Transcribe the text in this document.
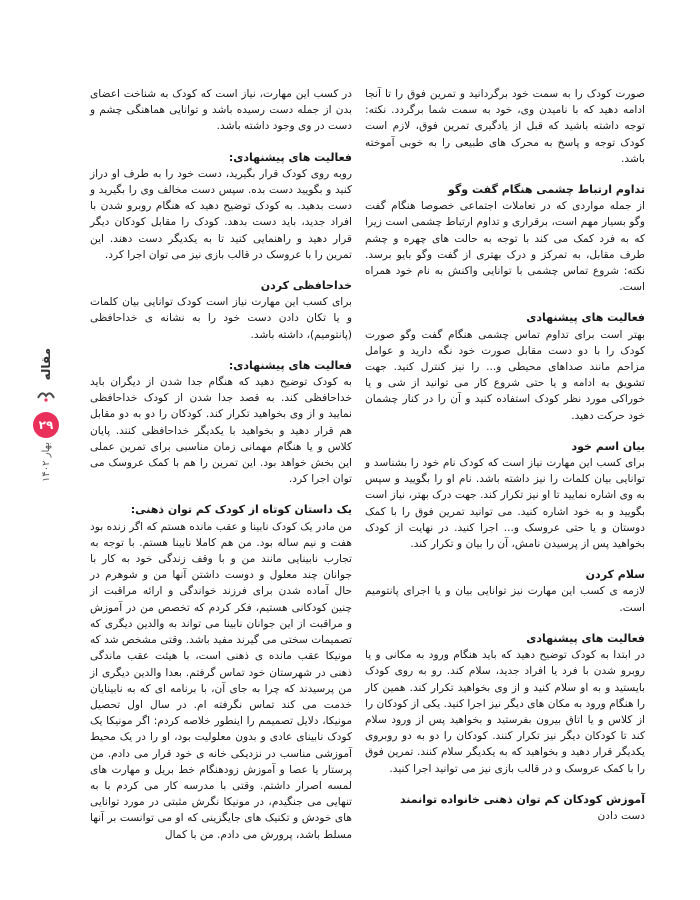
صورت کودک را به سمت خود برگردانید و تمرین فوق را تا آنجا ادامه دهید که با نامیدن وی، خود به سمت شما برگردد. نکته: توجه داشته باشید که قبل از یادگیری تمرین فوق، لازم است کودک توجه و پاسخ به محرک های طبیعی را به خوبی آموخته باشد.

تداوم ارتباط چشمی هنگام گفت وگو

از جمله مواردی که در تعاملات اجتماعی خصوصا هنگام گفت وگو بسیار مهم است، برقراری و تداوم ارتباط چشمی است زیرا که به فرد کمک می کند با توجه به حالت های چهره و چشم طرف مقابل، به تمرکز و درک بهتری از گفت وگو بایو برسد. نکته: شروع تماس چشمی با توانایی واکنش به نام خود همراه است.

فعالیت های پیشنهادی

بهتر است برای تداوم تماس چشمی هنگام گفت وگو صورت کودک را با دو دست مقابل صورت خود نگه دارید و عوامل مزاحم مانند صداهای محیطی و... را نیز کنترل کنید. جهت تشویق به ادامه و یا حتی شروع کار می توانید از شی و یا خوراکی مورد نظر کودک استفاده کنید و آن را در کنار چشمان خود حرکت دهید.

بیان اسم خود

برای کسب این مهارت نیاز است که کودک نام خود را بشناسد و توانایی بیان کلمات را نیز داشته باشد. نام او را بگویید و سپس به وی اشاره نمایید تا او نیز تکرار کند. جهت درک بهتر، نیاز است بگویید و به خود اشاره کنید. می توانید تمرین فوق را با کمک دوستان و یا حتی عروسک و... اجرا کنید. در نهایت از کودک بخواهید پس از پرسیدن نامش، آن را بیان و تکرار کند.

سلام کردن

لازمه ی کسب این مهارت نیز توانایی بیان و یا اجرای پانتومیم است.

فعالیت های پیشنهادی

در ابتدا به کودک توضیح دهید که باید هنگام ورود به مکانی و یا روبرو شدن با فرد یا افراد جدید، سلام کند. رو به روی کودک بایستید و به او سلام کنید و از وی بخواهید تکرار کند. همین کار را هنگام ورود به مکان های دیگر نیز اجرا کنید. یکی از کودکان را از کلاس و یا اتاق بیرون بفرستید و بخواهید پس از ورود سلام کند تا کودکان دیگر نیز تکرار کنند. کودکان را دو به دو روبروی یکدیگر قرار دهید و بخواهید که به یکدیگر سلام کنند. تمرین فوق را با کمک عروسک و در قالب بازی نیز می توانید اجرا کنید.

آموزش کودکان کم توان ذهنی خانواده توانمند

دست دادن

در کسب این مهارت، نیاز است که کودک به شناخت اعضای بدن از جمله دست رسیده باشد و توانایی هماهنگی چشم و دست در وی وجود داشته باشد.

فعالیت های پیشنهادی:

روبه روی کودک قرار بگیرید، دست خود را به طرف او دراز کنید و بگویید دست بده. سپس دست مخالف وی را بگیرید و دست بدهید. به کودک توضیح دهید که هنگام روبرو شدن با افراد جدید، باید دست بدهد. کودک را مقابل کودکان دیگر قرار دهید و راهنمایی کنید تا به یکدیگر دست دهند. این تمرین را با عروسک در قالب بازی نیز می توان اجرا کرد.

خداحافظی کردن

برای کسب این مهارت نیاز است کودک توانایی بیان کلمات و یا تکان دادن دست خود را به نشانه ی خداحافظی (پانتومیم)، داشته باشد.

فعالیت های پیشنهادی:

به کودک توضیح دهید که هنگام جدا شدن از دیگران باید خداحافظی کند. به قصد جدا شدن از کودک خداحافظی نمایید و از وی بخواهید تکرار کند. کودکان را دو به دو مقابل هم قرار دهید و بخواهید با یکدیگر خداحافظی کنند. پایان کلاس و یا هنگام مهمانی زمان مناسبی برای تمرین عملی این بخش خواهد بود. این تمرین را هم با کمک عروسک می توان اجرا کرد.

یک داستان کوتاه از کودک کم توان ذهنی:

من مادر یک کودک نابینا و عقب مانده هستم که اگر زنده بود هفت و نیم ساله بود. من هم کاملا نابینا هستم. با توجه به تجارب نابینایی مانند من و با وقف زندگی خود به کار با جوانان چند معلول و دوست داشتن آنها من و شوهرم در حال آماده شدن برای فرزند خواندگی و ارائه مراقبت از چنین کودکانی هستیم، فکر کردم که تخصص من در آموزش و مراقبت از این جوانان نابینا می تواند به والدین دیگری که تصمیمات سختی می گیرند مفید باشد. وقتی مشخص شد که مونیکا عقب مانده ی ذهنی است، با هیئت عقب ماندگی ذهنی در شهرستان خود تماس گرفتم. بعدا والدین دیگری از من پرسیدند که چرا به جای آن، با برنامه ای که به نابینایان خدمت می کند تماس نگرفته ام. در سال اول تحصیل مونیکا، دلایل تصمیمم را اینطور خلاصه کردم: اگر مونیکا یک کودک نابینای عادی و بدون معلولیت بود، او را در یک محیط آموزشی مناسب در نزدیکی خانه ی خود قرار می دادم. من پرستار یا عصا و آموزش زودهنگام خط بریل و مهارت های لمسه اصرار داشتم. وقتی با مدرسه کار می کردم با به تنهایی می جنگیدم، در مونیکا نگرش مثبتی در مورد توانایی های خودش و تکنیک های جایگزینی که او می توانست بر آنها مسلط باشد، پرورش می دادم. من با کمال

مقاله
۲۹
بهار ۱۴۰۲
